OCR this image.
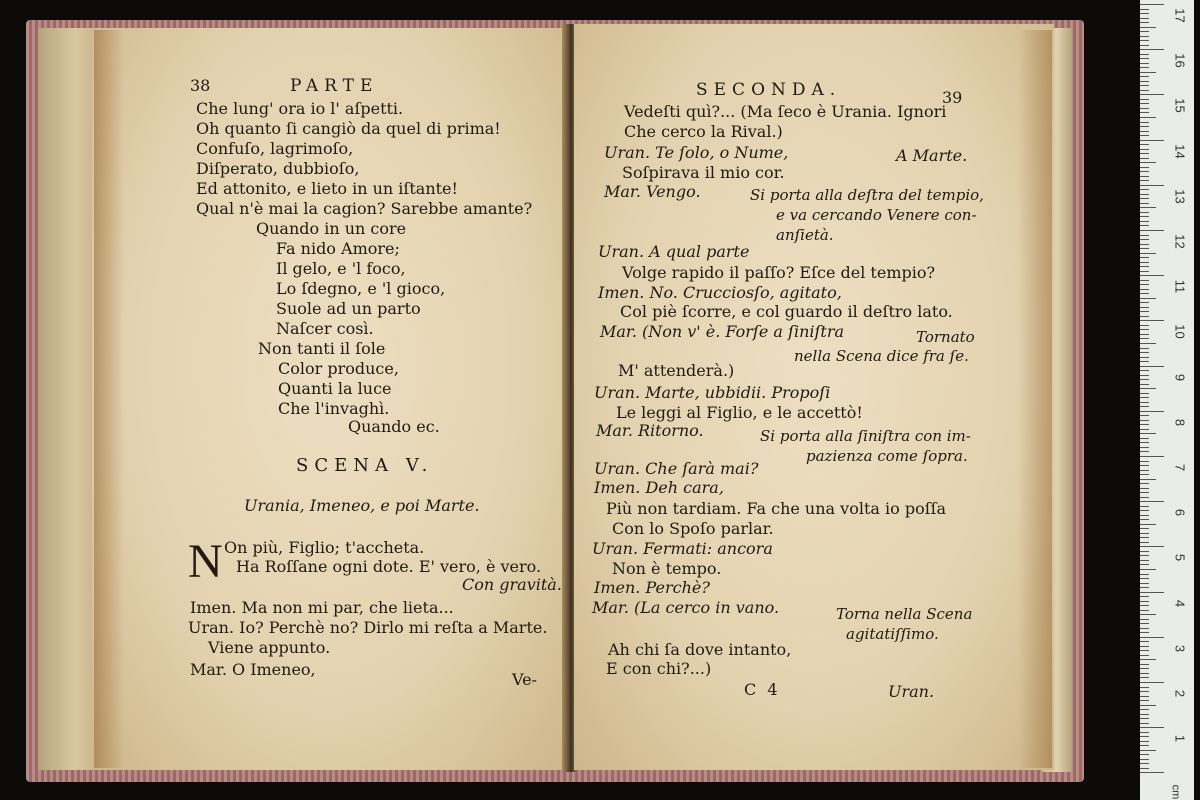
38	PARTE
Che lung' ora io l' aſpetti.
Oh quanto ſi cangiò da quel di prima!
Confuſo, lagrimoſo,
Diſperato, dubbioſo,
Ed attonito, e lieto in un iſtante!
Qual n'è mai la cagion? Sarebbe amante?
Quando in un core
Fa nido Amore;
Il gelo, e 'l foco,
Lo ſdegno, e 'l gioco,
Suole ad un parto
Naſcer così.
Non tanti il ſole
Color produce,
Quanti la luce
Che l'invaghì.
Quando ec.
SCENA V.
Urania, Imeneo, e poi Marte.
N On più, Figlio; t'accheta.
Ha Roſſane ogni dote. E' vero, è vero.
Con gravità.
Imen. Ma non mi par, che lieta...
Uran. Io? Perchè no? Dirlo mi reſta a Marte.
Viene appunto.
Mar. O Imeneo,
Ve-
SECONDA.	39
Vedeſti quì?... (Ma ſeco è Urania. Ignori
Che cerco la Rival.)
Uran. Te ſolo, o Nume,	A Marte.
Soſpirava il mio cor.
Mar. Vengo.	Si porta alla deſtra del tempio,
e va cercando Venere con-
anſietà.
Uran. A qual parte
Volge rapido il paſſo? Eſce del tempio?
Imen. No. Crucciosſo, agitato,
Col piè ſcorre, e col guardo il deſtro lato.
Mar. (Non v' è. Forſe a ſiniſtra	Tornato
nella Scena dice fra ſe.
M' attenderà.)
Uran. Marte, ubbidii. Propoſi
Le leggi al Figlio, e le accettò!
Mar. Ritorno.	Si porta alla ſiniſtra con im-
pazienza come ſopra.
Uran. Che ſarà mai?
Imen. Deh cara,
Più non tardiam. Fa che una volta io poſſa
Con lo Spoſo parlar.
Uran. Fermati: ancora
Non è tempo.
Imen. Perchè?
Mar. (La cerco in vano.	Torna nella Scena
agitatiſſimo.
Ah chi ſa dove intanto,
E con chi?...)
C 4	Uran.
17
16
15
14
13
12
11
10
9
8
7
6
5
4
3
2
1
cm
